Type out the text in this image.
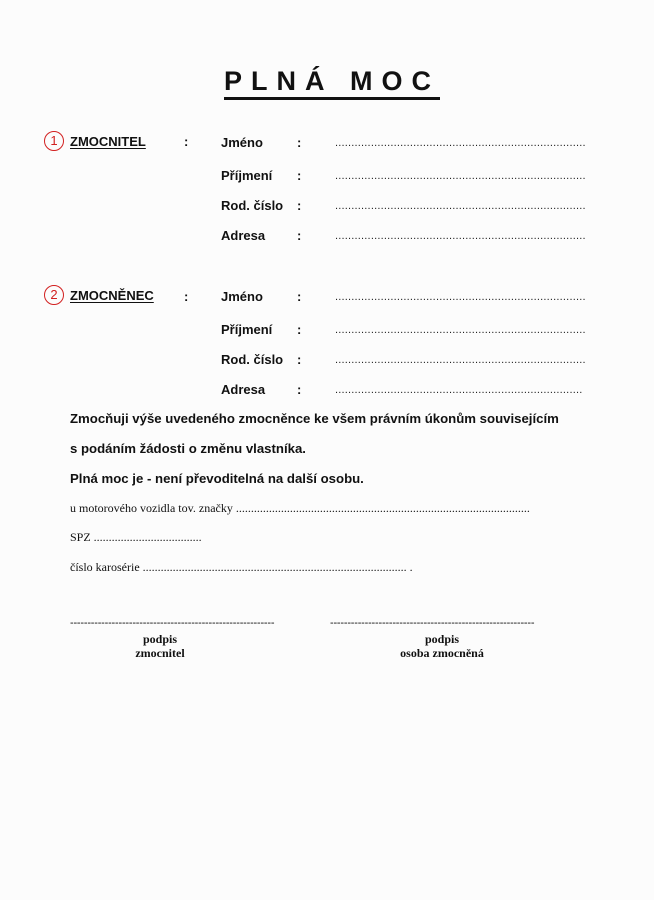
PLNÁ MOC
1 ZMOCNITEL	:	Jméno	:	.............................................................................
Příjmení :	.............................................................................
Rod. číslo :	.............................................................................
Adresa :	.............................................................................
2 ZMOCNĚNEC :	Jméno	:	.............................................................................
Příjmení :	.............................................................................
Rod. číslo :	.............................................................................
Adresa :	............................................................................
Zmocňuji výše uvedeného zmocněnce ke všem právním úkonům souvisejícím
s podáním žádosti o změnu vlastníka.
Plná moc je - není převoditelná na další osobu.
u motorového vozidla tov. značky ..................................................................................................
SPZ ....................................
číslo karosérie ........................................................................................ .
-----------------------------------------------------------
podpis
zmocnitel
-----------------------------------------------------------
podpis
osoba zmocněná
